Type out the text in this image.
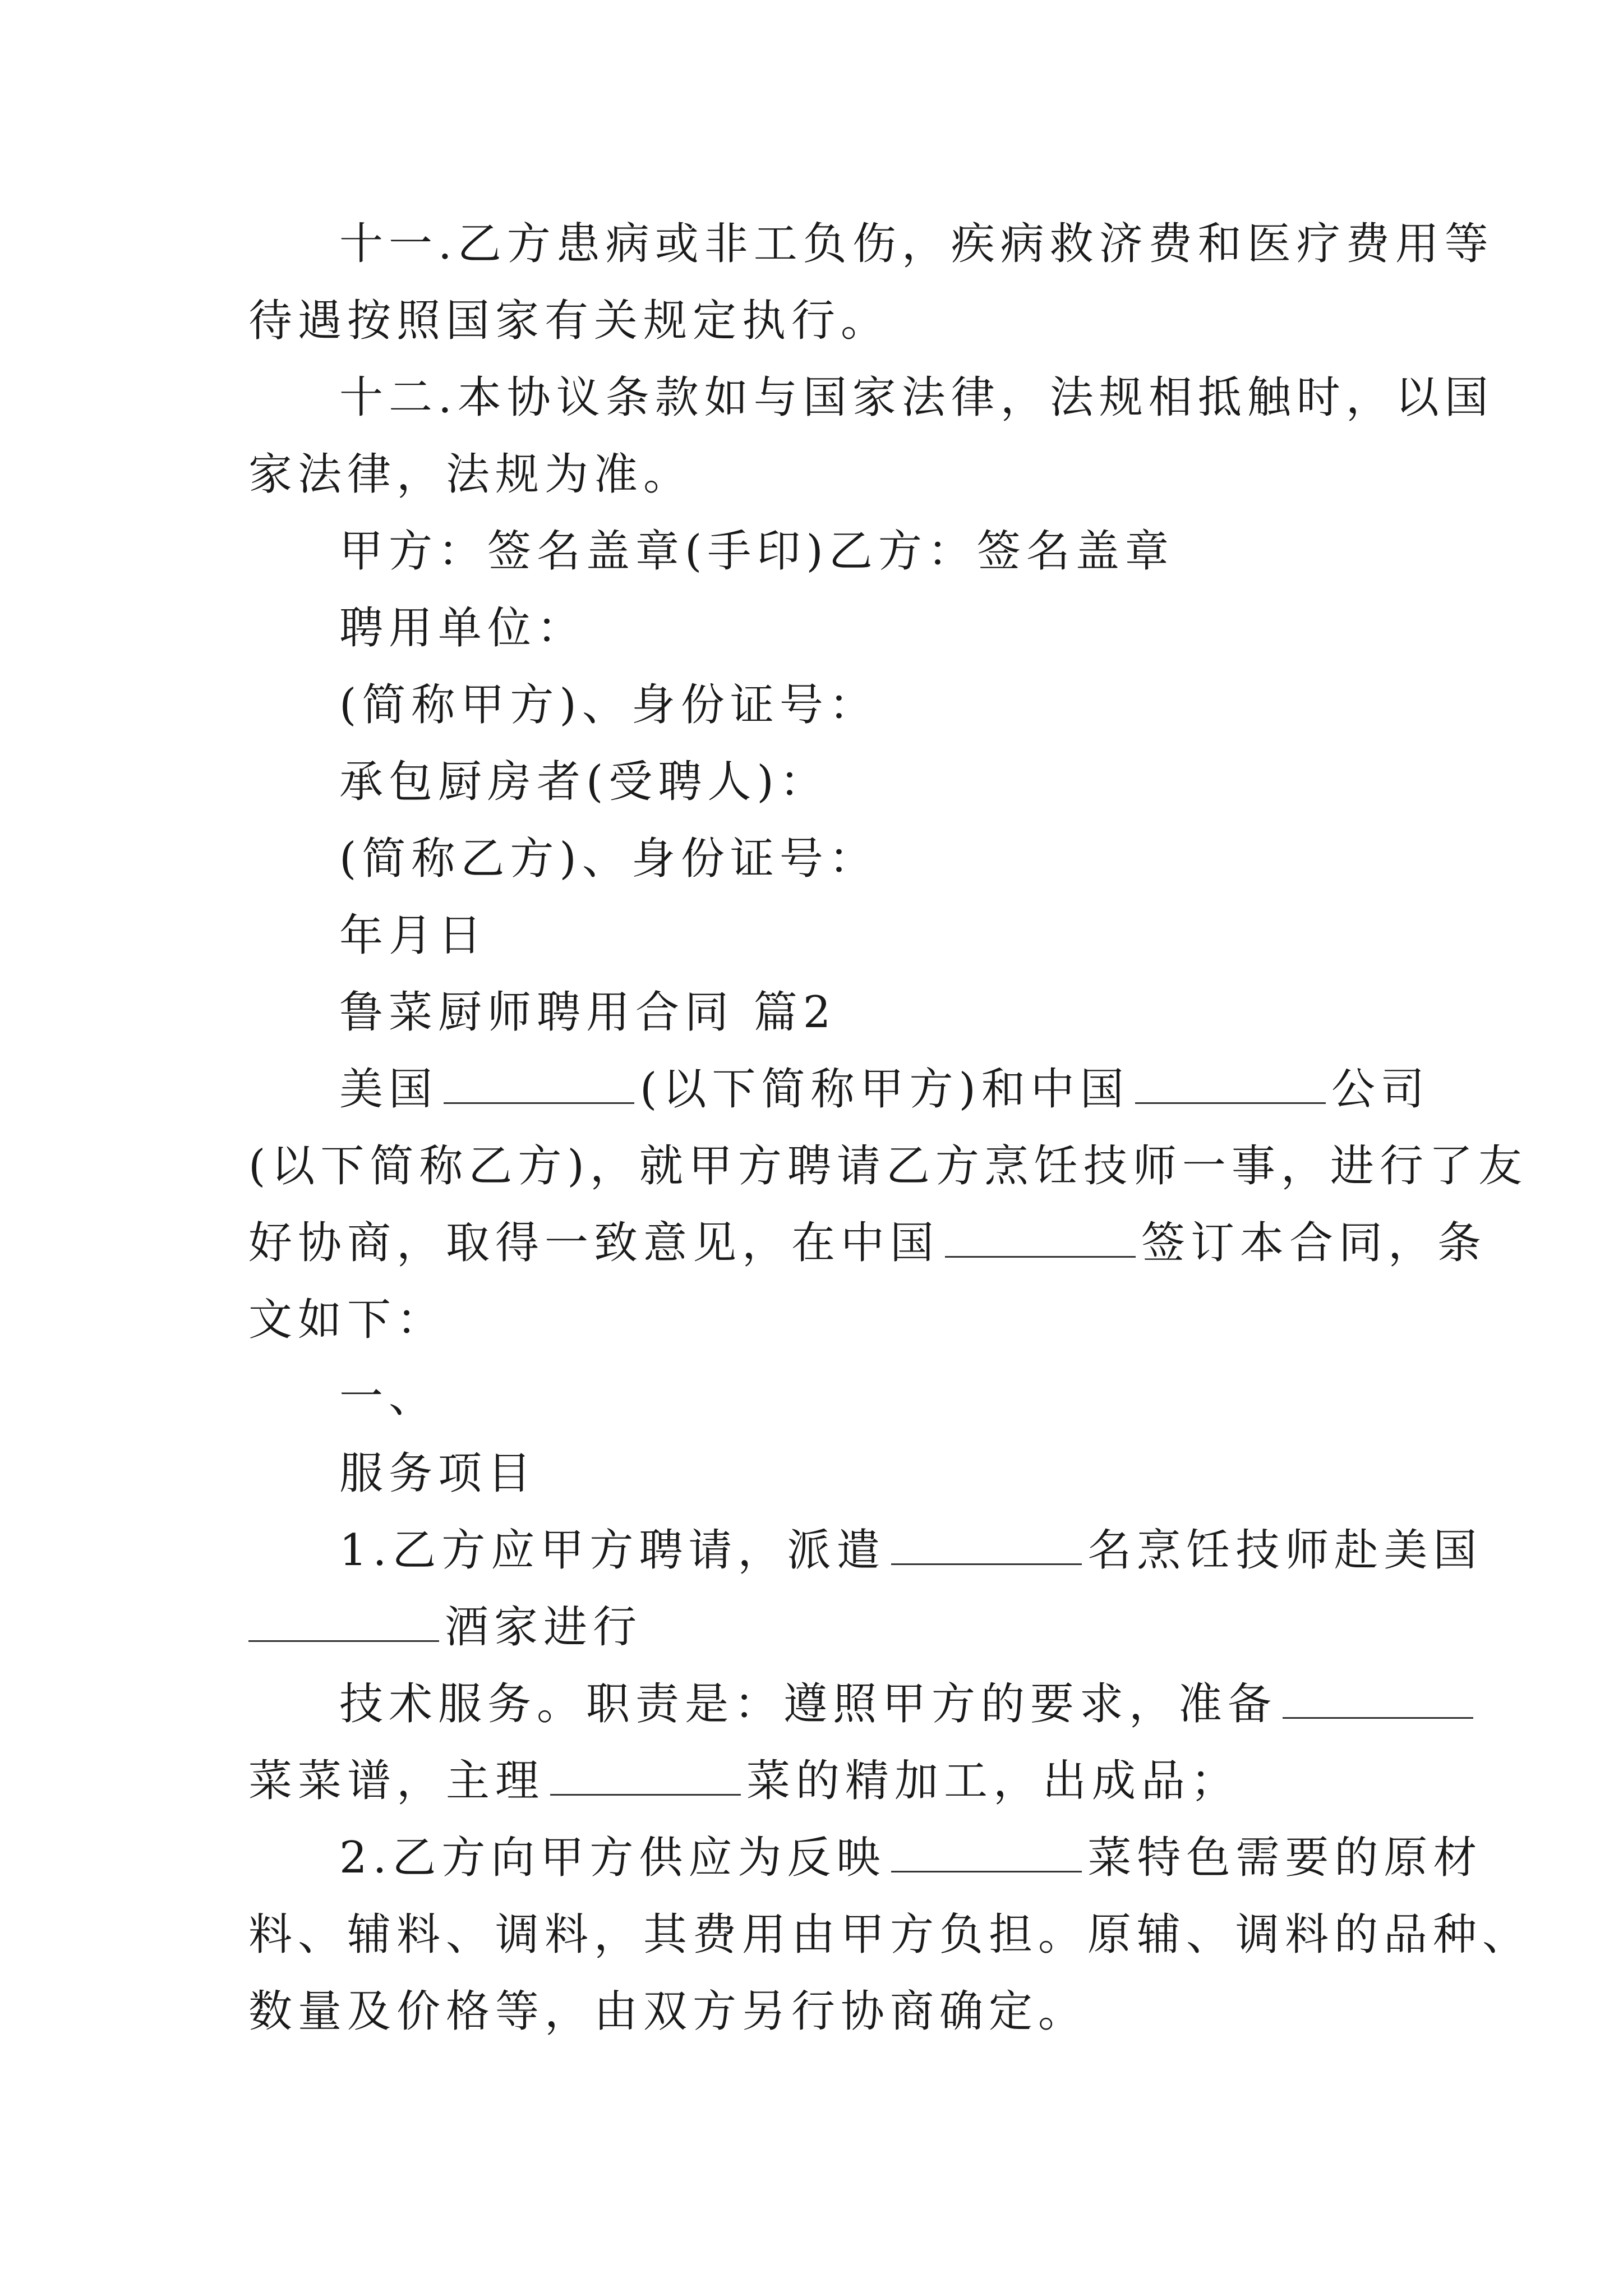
十一.乙方患病或非工负伤，疾病救济费和医疗费用等
待遇按照国家有关规定执行。
十二.本协议条款如与国家法律，法规相抵触时，以国
家法律，法规为准。
甲方：签名盖章(手印)乙方：签名盖章
聘用单位：
(简称甲方)、身份证号：
承包厨房者(受聘人)：
(简称乙方)、身份证号：
年月日
鲁菜厨师聘用合同 篇2
美国	(以下简称甲方)和中国	公司
(以下简称乙方)，就甲方聘请乙方烹饪技师一事，进行了友
好协商，取得一致意见，在中国	签订本合同，条
文如下：
一、
服务项目
1.乙方应甲方聘请，派遣	名烹饪技师赴美国
酒家进行
技术服务。职责是：遵照甲方的要求，准备
菜菜谱，主理	菜的精加工，出成品；
2.乙方向甲方供应为反映	菜特色需要的原材
料、辅料、调料，其费用由甲方负担。原辅、调料的品种、
数量及价格等，由双方另行协商确定。
